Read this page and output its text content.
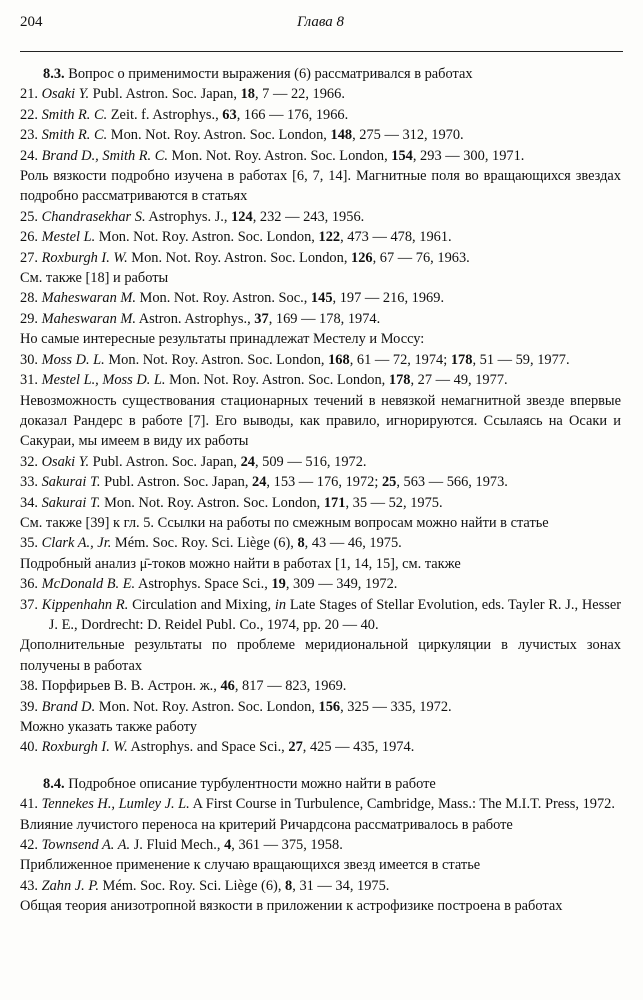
204	Глава 8
8.3. Вопрос о применимости выражения (6) рассматривался в работах
21. Osaki Y. Publ. Astron. Soc. Japan, 18, 7 — 22, 1966.
22. Smith R. C. Zeit. f. Astrophys., 63, 166 — 176, 1966.
23. Smith R. C. Mon. Not. Roy. Astron. Soc. London, 148, 275 — 312, 1970.
24. Brand D., Smith R. C. Mon. Not. Roy. Astron. Soc. London, 154, 293 — 300, 1971.
Роль вязкости подробно изучена в работах [6, 7, 14]. Магнитные поля во вращающихся звездах подробно рассматриваются в статьях
25. Chandrasekhar S. Astrophys. J., 124, 232 — 243, 1956.
26. Mestel L. Mon. Not. Roy. Astron. Soc. London, 122, 473 — 478, 1961.
27. Roxburgh I. W. Mon. Not. Roy. Astron. Soc. London, 126, 67 — 76, 1963.
См. также [18] и работы
28. Maheswaran M. Mon. Not. Roy. Astron. Soc., 145, 197 — 216, 1969.
29. Maheswaran M. Astron. Astrophys., 37, 169 — 178, 1974.
Но самые интересные результаты принадлежат Местелу и Моссу:
30. Moss D. L. Mon. Not. Roy. Astron. Soc. London, 168, 61 — 72, 1974; 178, 51 — 59, 1977.
31. Mestel L., Moss D. L. Mon. Not. Roy. Astron. Soc. London, 178, 27 — 49, 1977.
Невозможность существования стационарных течений в невязкой немагнитной звезде впервые доказал Рандерс в работе [7]. Его выводы, как правило, игнорируются. Ссылаясь на Осаки и Сакураи, мы имеем в виду их работы
32. Osaki Y. Publ. Astron. Soc. Japan, 24, 509 — 516, 1972.
33. Sakurai T. Publ. Astron. Soc. Japan, 24, 153 — 176, 1972; 25, 563 — 566, 1973.
34. Sakurai T. Mon. Not. Roy. Astron. Soc. London, 171, 35 — 52, 1975.
См. также [39] к гл. 5. Ссылки на работы по смежным вопросам можно найти в статье
35. Clark A., Jr. Mém. Soc. Roy. Sci. Liège (6), 8, 43 — 46, 1975.
Подробный анализ μ̄-токов можно найти в работах [1, 14, 15], см. также
36. McDonald B. E. Astrophys. Space Sci., 19, 309 — 349, 1972.
37. Kippenhahn R. Circulation and Mixing, in Late Stages of Stellar Evolution, eds. Tayler R. J., Hesser J. E., Dordrecht: D. Reidel Publ. Co., 1974, pp. 20 — 40.
Дополнительные результаты по проблеме меридиональной циркуляции в лучистых зонах получены в работах
38. Порфирьев В. В. Астрон. ж., 46, 817 — 823, 1969.
39. Brand D. Mon. Not. Roy. Astron. Soc. London, 156, 325 — 335, 1972.
Можно указать также работу
40. Roxburgh I. W. Astrophys. and Space Sci., 27, 425 — 435, 1974.
8.4. Подробное описание турбулентности можно найти в работе
41. Tennekes H., Lumley J. L. A First Course in Turbulence, Cambridge, Mass.: The M.I.T. Press, 1972.
Влияние лучистого переноса на критерий Ричардсона рассматривалось в работе
42. Townsend A. A. J. Fluid Mech., 4, 361 — 375, 1958.
Приближенное применение к случаю вращающихся звезд имеется в статье
43. Zahn J. P. Mém. Soc. Roy. Sci. Liège (6), 8, 31 — 34, 1975.
Общая теория анизотропной вязкости в приложении к астрофизике построена в работах
